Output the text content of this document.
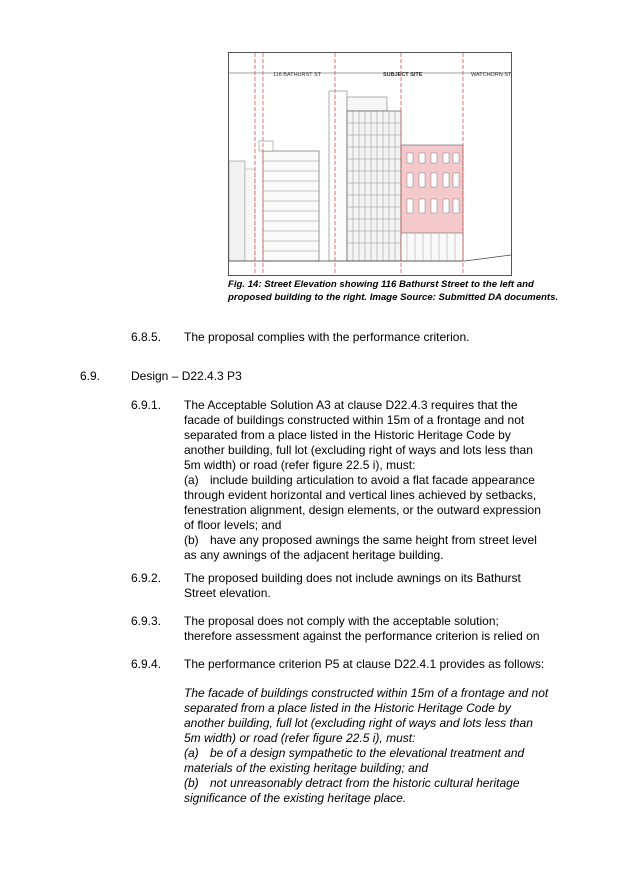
116 BATHURST ST	SUBJECT SITE	WATCHORN ST
Fig. 14: Street Elevation showing 116 Bathurst Street to the left and proposed building to the right. Image Source: Submitted DA documents.
6.8.5. The proposal complies with the performance criterion.
6.9.	Design – D22.4.3 P3
6.9.1. The Acceptable Solution A3 at clause D22.4.3 requires that the
facade of buildings constructed within 15m of a frontage and not
separated from a place listed in the Historic Heritage Code by
another building, full lot (excluding right of ways and lots less than
5m width) or road (refer figure 22.5 i), must:
(a) include building articulation to avoid a flat facade appearance
through evident horizontal and vertical lines achieved by setbacks,
fenestration alignment, design elements, or the outward expression
of floor levels; and
(b) have any proposed awnings the same height from street level
as any awnings of the adjacent heritage building.
6.9.2. The proposed building does not include awnings on its Bathurst
Street elevation.
6.9.3. The proposal does not comply with the acceptable solution;
therefore assessment against the performance criterion is relied on
6.9.4. The performance criterion P5 at clause D22.4.1 provides as follows:
The facade of buildings constructed within 15m of a frontage and not
separated from a place listed in the Historic Heritage Code by
another building, full lot (excluding right of ways and lots less than
5m width) or road (refer figure 22.5 i), must:
(a) be of a design sympathetic to the elevational treatment and
materials of the existing heritage building; and
(b) not unreasonably detract from the historic cultural heritage
significance of the existing heritage place.
